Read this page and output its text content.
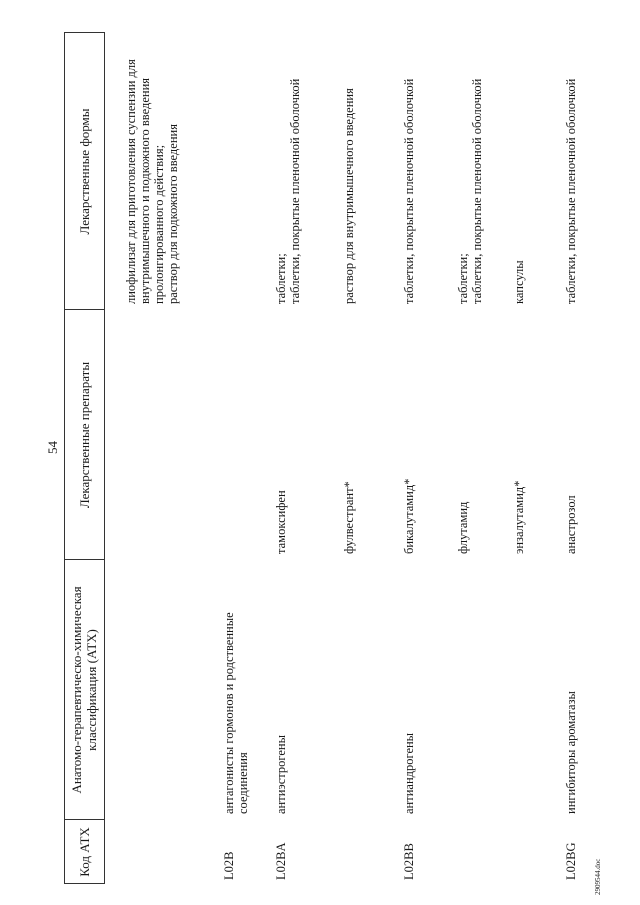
54
Код АТХ
Анатомо-терапевтическо-химическая классификация (АТХ)
Лекарственные препараты
Лекарственные формы
лиофилизат для приготовления суспензии для внутримышечного и подкожного введения
пролонгированного действия;
раствор для подкожного введения
L02B
антагонисты гормонов и родственные соединения
L02BA
антиэстрогены
тамоксифен
таблетки;
таблетки, покрытые пленочной оболочкой
фулвестрант*
раствор для внутримышечного введения
L02BB
антиандрогены
бикалутамид*
таблетки, покрытые пленочной оболочкой
флутамид
таблетки;
таблетки, покрытые пленочной оболочкой
энзалутамид*
капсулы
L02BG
ингибиторы ароматазы
анастрозол
таблетки, покрытые пленочной оболочкой
2909544.doc
